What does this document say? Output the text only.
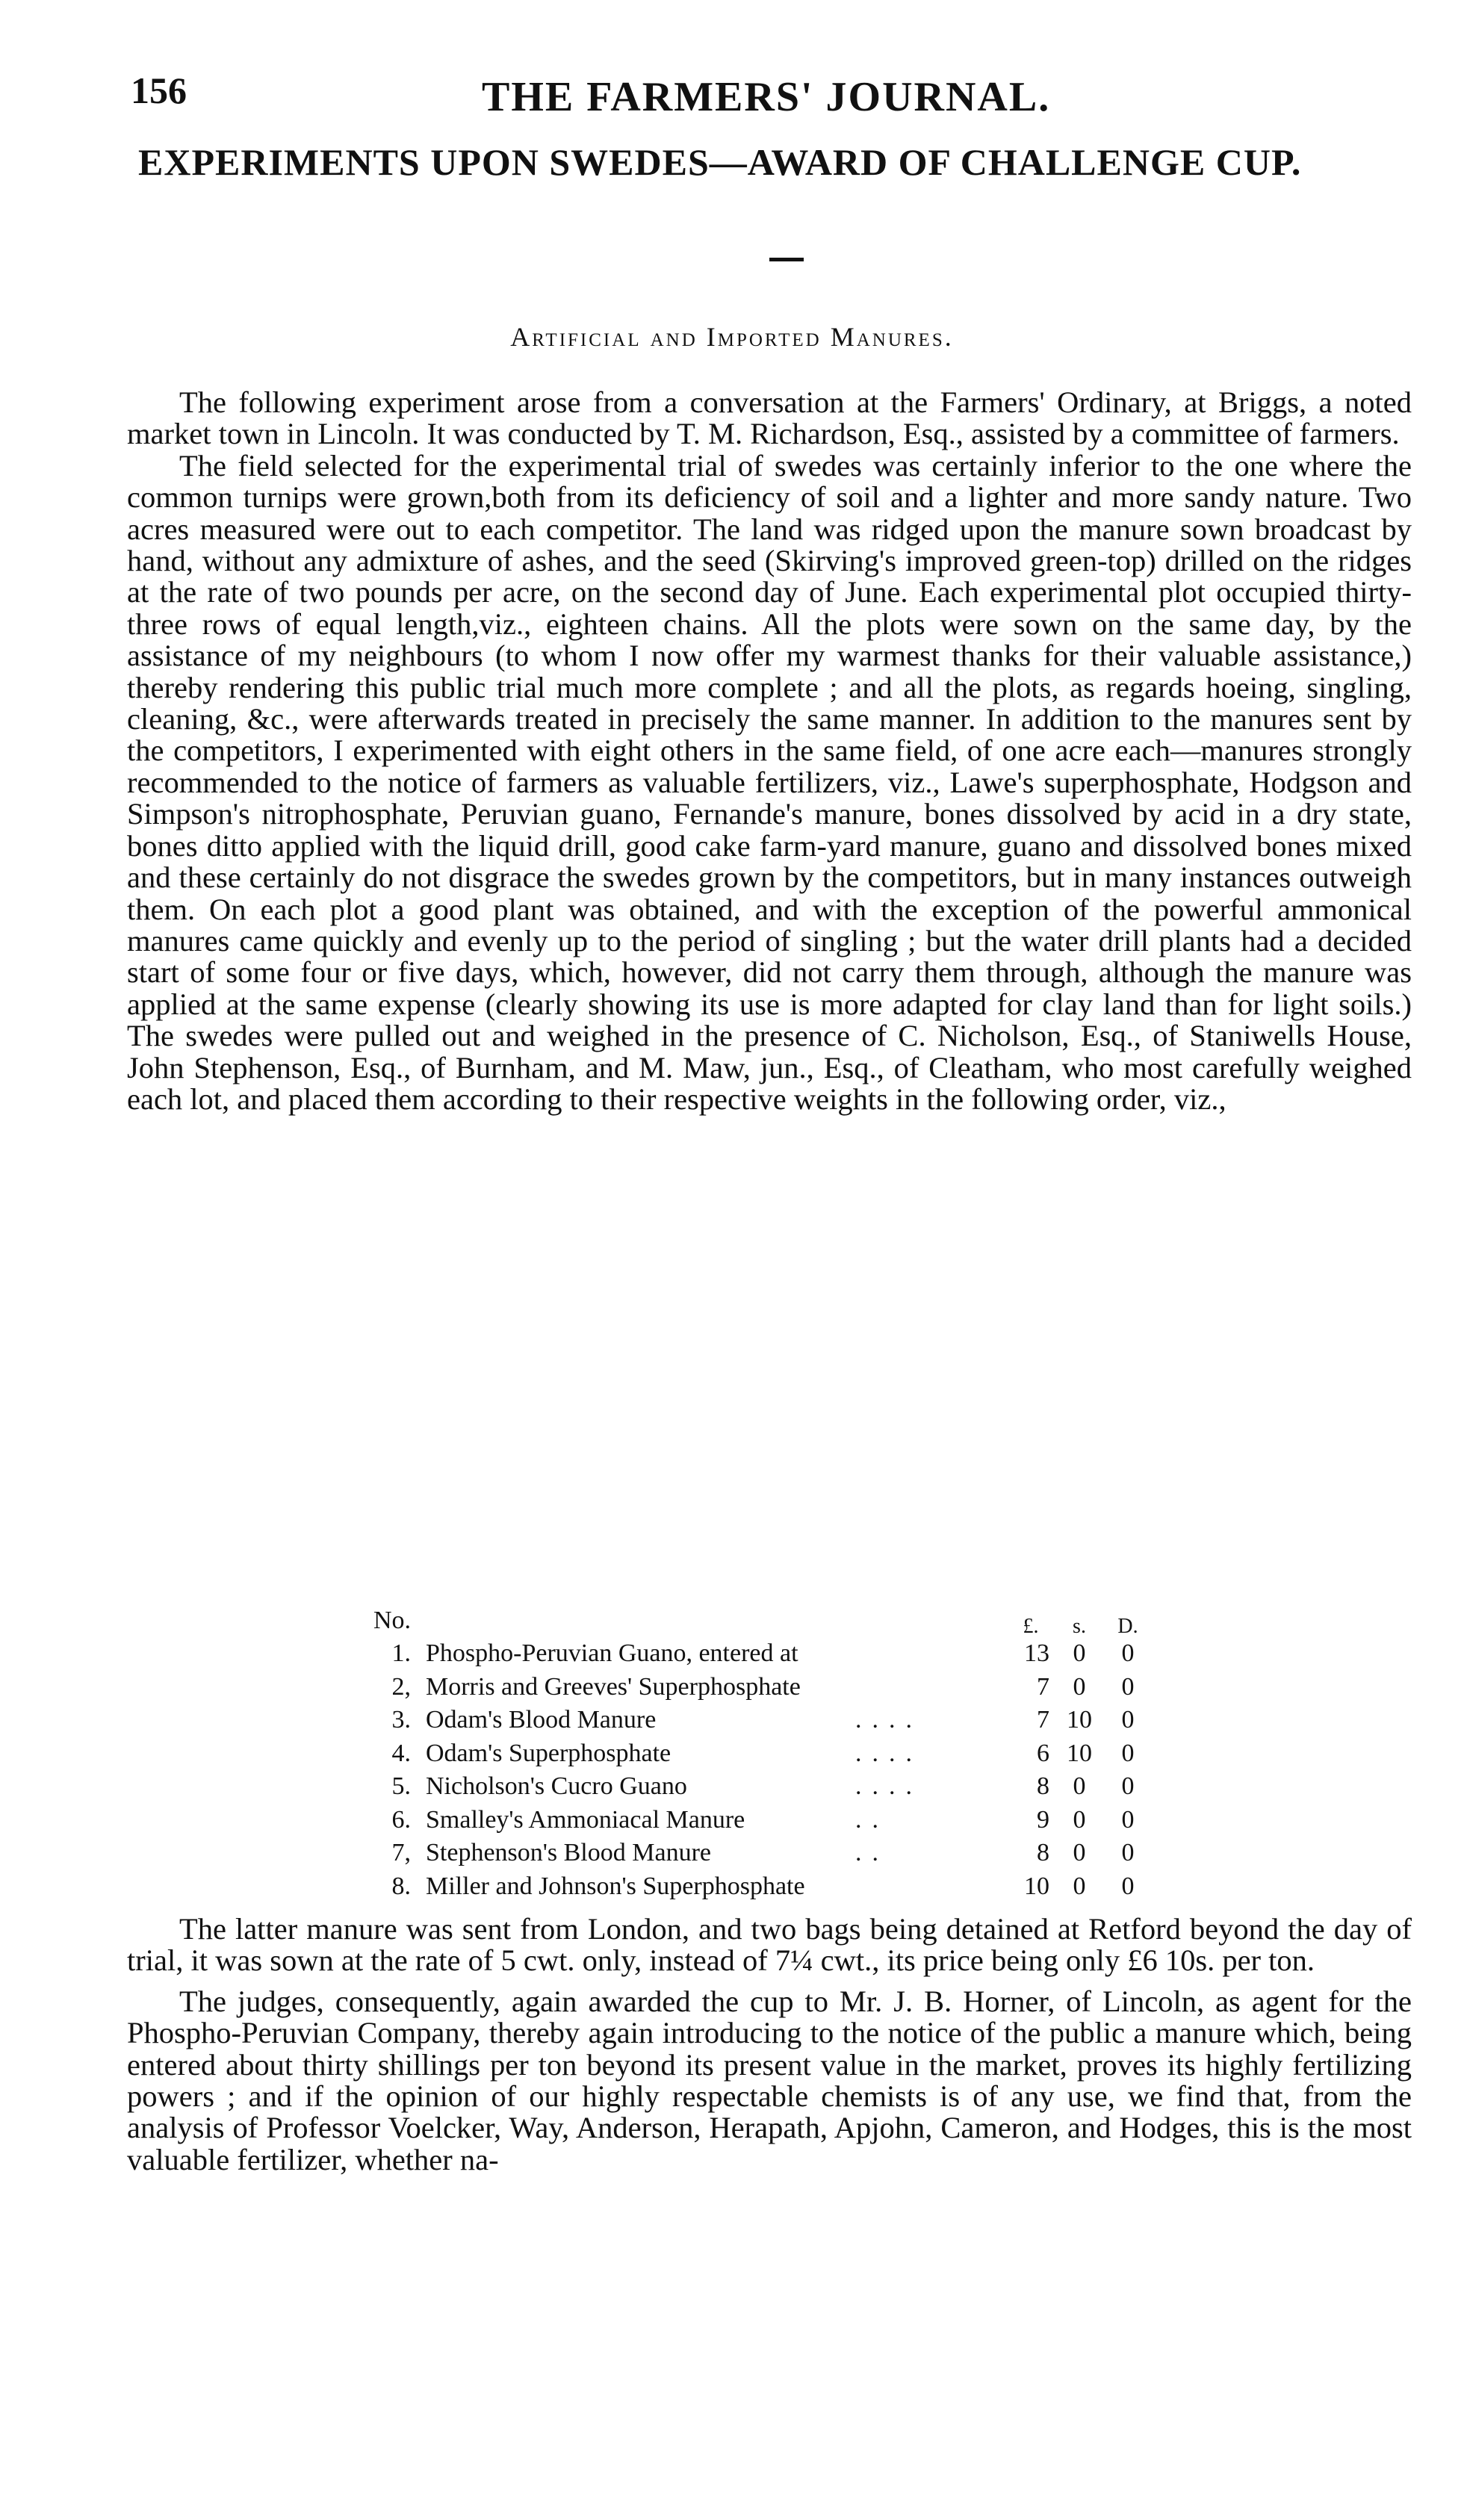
156	THE FARMERS' JOURNAL.
EXPERIMENTS UPON SWEDES—AWARD OF CHALLENGE CUP.
Artificial and Imported Manures.

The following experiment arose from a conversation at the Farmers' Ordinary, at Briggs, a noted market town in Lincoln. It was conducted by T. M. Richardson, Esq., assisted by a committee of farmers.

The field selected for the experimental trial of swedes was certainly inferior to the one where the common turnips were grown,both from its deficiency of soil and a lighter and more sandy nature. Two acres measured were out to each competitor. The land was ridged upon the manure sown broadcast by hand, without any admixture of ashes, and the seed (Skirving's improved green-top) drilled on the ridges at the rate of two pounds per acre, on the second day of June. Each experimental plot occupied thirty-three rows of equal length,viz., eighteen chains. All the plots were sown on the same day, by the assistance of my neighbours (to whom I now offer my warmest thanks for their valuable assistance,) thereby rendering this public trial much more complete ; and all the plots, as regards hoeing, singling, cleaning, &c., were afterwards treated in precisely the same manner. In addition to the manures sent by the competitors, I experimented with eight others in the same field, of one acre each—manures strongly recommended to the notice of farmers as valuable fertilizers, viz., Lawe's superphosphate, Hodgson and Simpson's nitrophosphate, Peruvian guano, Fernande's manure, bones dissolved by acid in a dry state, bones ditto applied with the liquid drill, good cake farm-yard manure, guano and dissolved bones mixed and these certainly do not disgrace the swedes grown by the competitors, but in many instances outweigh them. On each plot a good plant was obtained, and with the exception of the powerful ammonical manures came quickly and evenly up to the period of singling ; but the water drill plants had a decided start of some four or five days, which, however, did not carry them through, although the manure was applied at the same expense (clearly showing its use is more adapted for clay land than for light soils.) The swedes were pulled out and weighed in the presence of C. Nicholson, Esq., of Staniwells House, John Stephenson, Esq., of Burnham, and M. Maw, jun., Esq., of Cleatham, who most carefully weighed each lot, and placed them according to their respective weights in the following order, viz.,

No.	£.	s.	D.
1. Phospho-Peruvian Guano, entered at	13 0	0
2, Morris and Greeves' Superphosphate	7 0	0
3. Odam's Blood Manure	....	7 10	0
4. Odam's Superphosphate	....	6 10	0
5. Nicholson's Cucro Guano	....	8 0	0
6. Smalley's Ammoniacal Manure	..	9 0	0
7, Stephenson's Blood Manure	..	8 0	0
8. Miller and Johnson's Superphosphate	10 0	0

The latter manure was sent from London, and two bags being detained at Retford beyond the day of trial, it was sown at the rate of 5 cwt. only, instead of 7¼ cwt., its price being only £6 10s. per ton.

The judges, consequently, again awarded the cup to Mr. J. B. Horner, of Lincoln, as agent for the Phospho-Peruvian Company, thereby again introducing to the notice of the public a manure which, being entered about thirty shillings per ton beyond its present value in the market, proves its highly fertilizing powers ; and if the opinion of our highly respectable chemists is of any use, we find that, from the analysis of Professor Voelcker, Way, Anderson, Herapath, Apjohn, Cameron, and Hodges, this is the most valuable fertilizer, whether na-
